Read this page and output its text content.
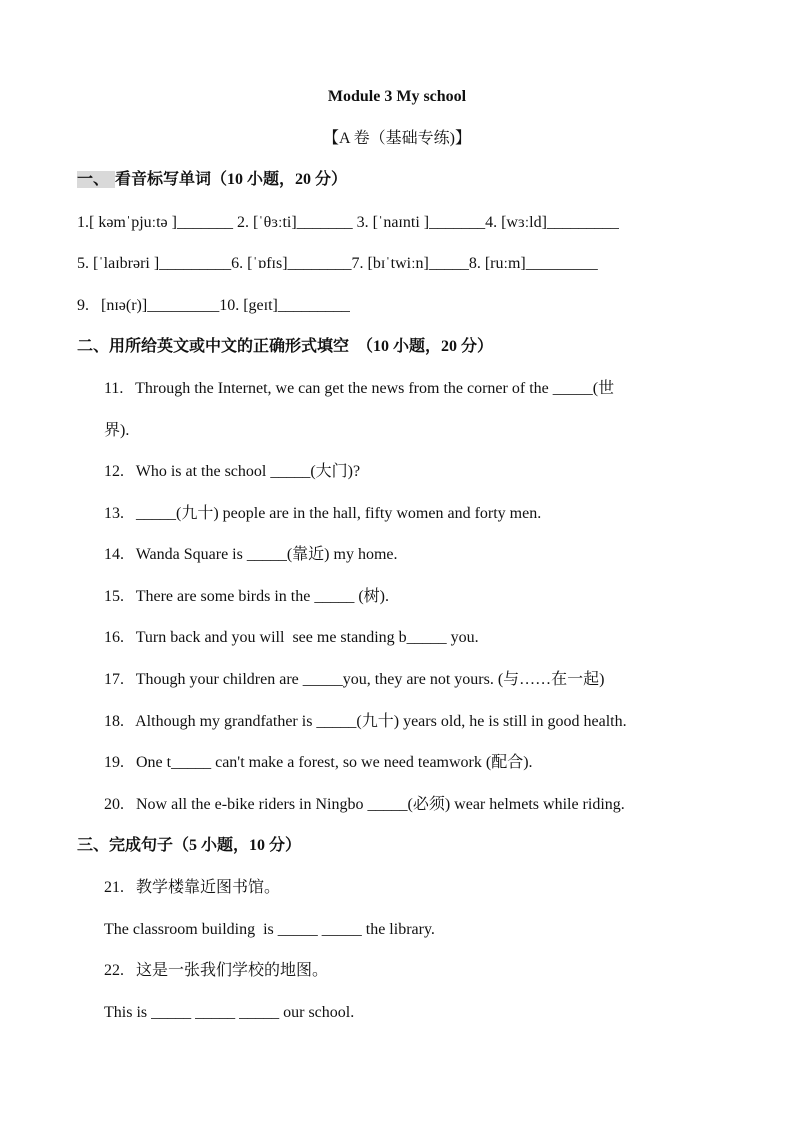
Module 3 My school
【A 卷（基础专练)】
一、 看音标写单词（10 小题，20 分）
1.[ kəmˈpjuːtə ]_______ 2. [ˈθɜːti]_______ 3. [ˈnaɪnti ]_______4. [wɜːld]_________
5. [ˈlaɪbrəri ]_________6. [ˈɒfɪs]________7. [bɪˈtwiːn]_____8. [ruːm]_________
9.   [nɪə(r)]_________10. [geɪt]_________
二、用所给英文或中文的正确形式填空  （10 小题，20 分）
11.   Through the Internet, we can get the news from the corner of the _____(世
界).
12.   Who is at the school _____(大门)?
13.   _____(九十) people are in the hall, fifty women and forty men.
14.   Wanda Square is _____(靠近) my home.
15.   There are some birds in the _____ (树).
16.   Turn back and you will  see me standing b_____ you.
17.   Though your children are _____you, they are not yours. (与……在一起)
18.   Although my grandfather is _____(九十) years old, he is still in good health.
19.   One t_____ can't make a forest, so we need teamwork (配合).
20.   Now all the e-bike riders in Ningbo _____(必须) wear helmets while riding.
三、完成句子（5 小题，10 分）
21.   教学楼靠近图书馆。
The classroom building  is _____ _____ the library.
22.   这是一张我们学校的地图。
This is _____ _____ _____ our school.
